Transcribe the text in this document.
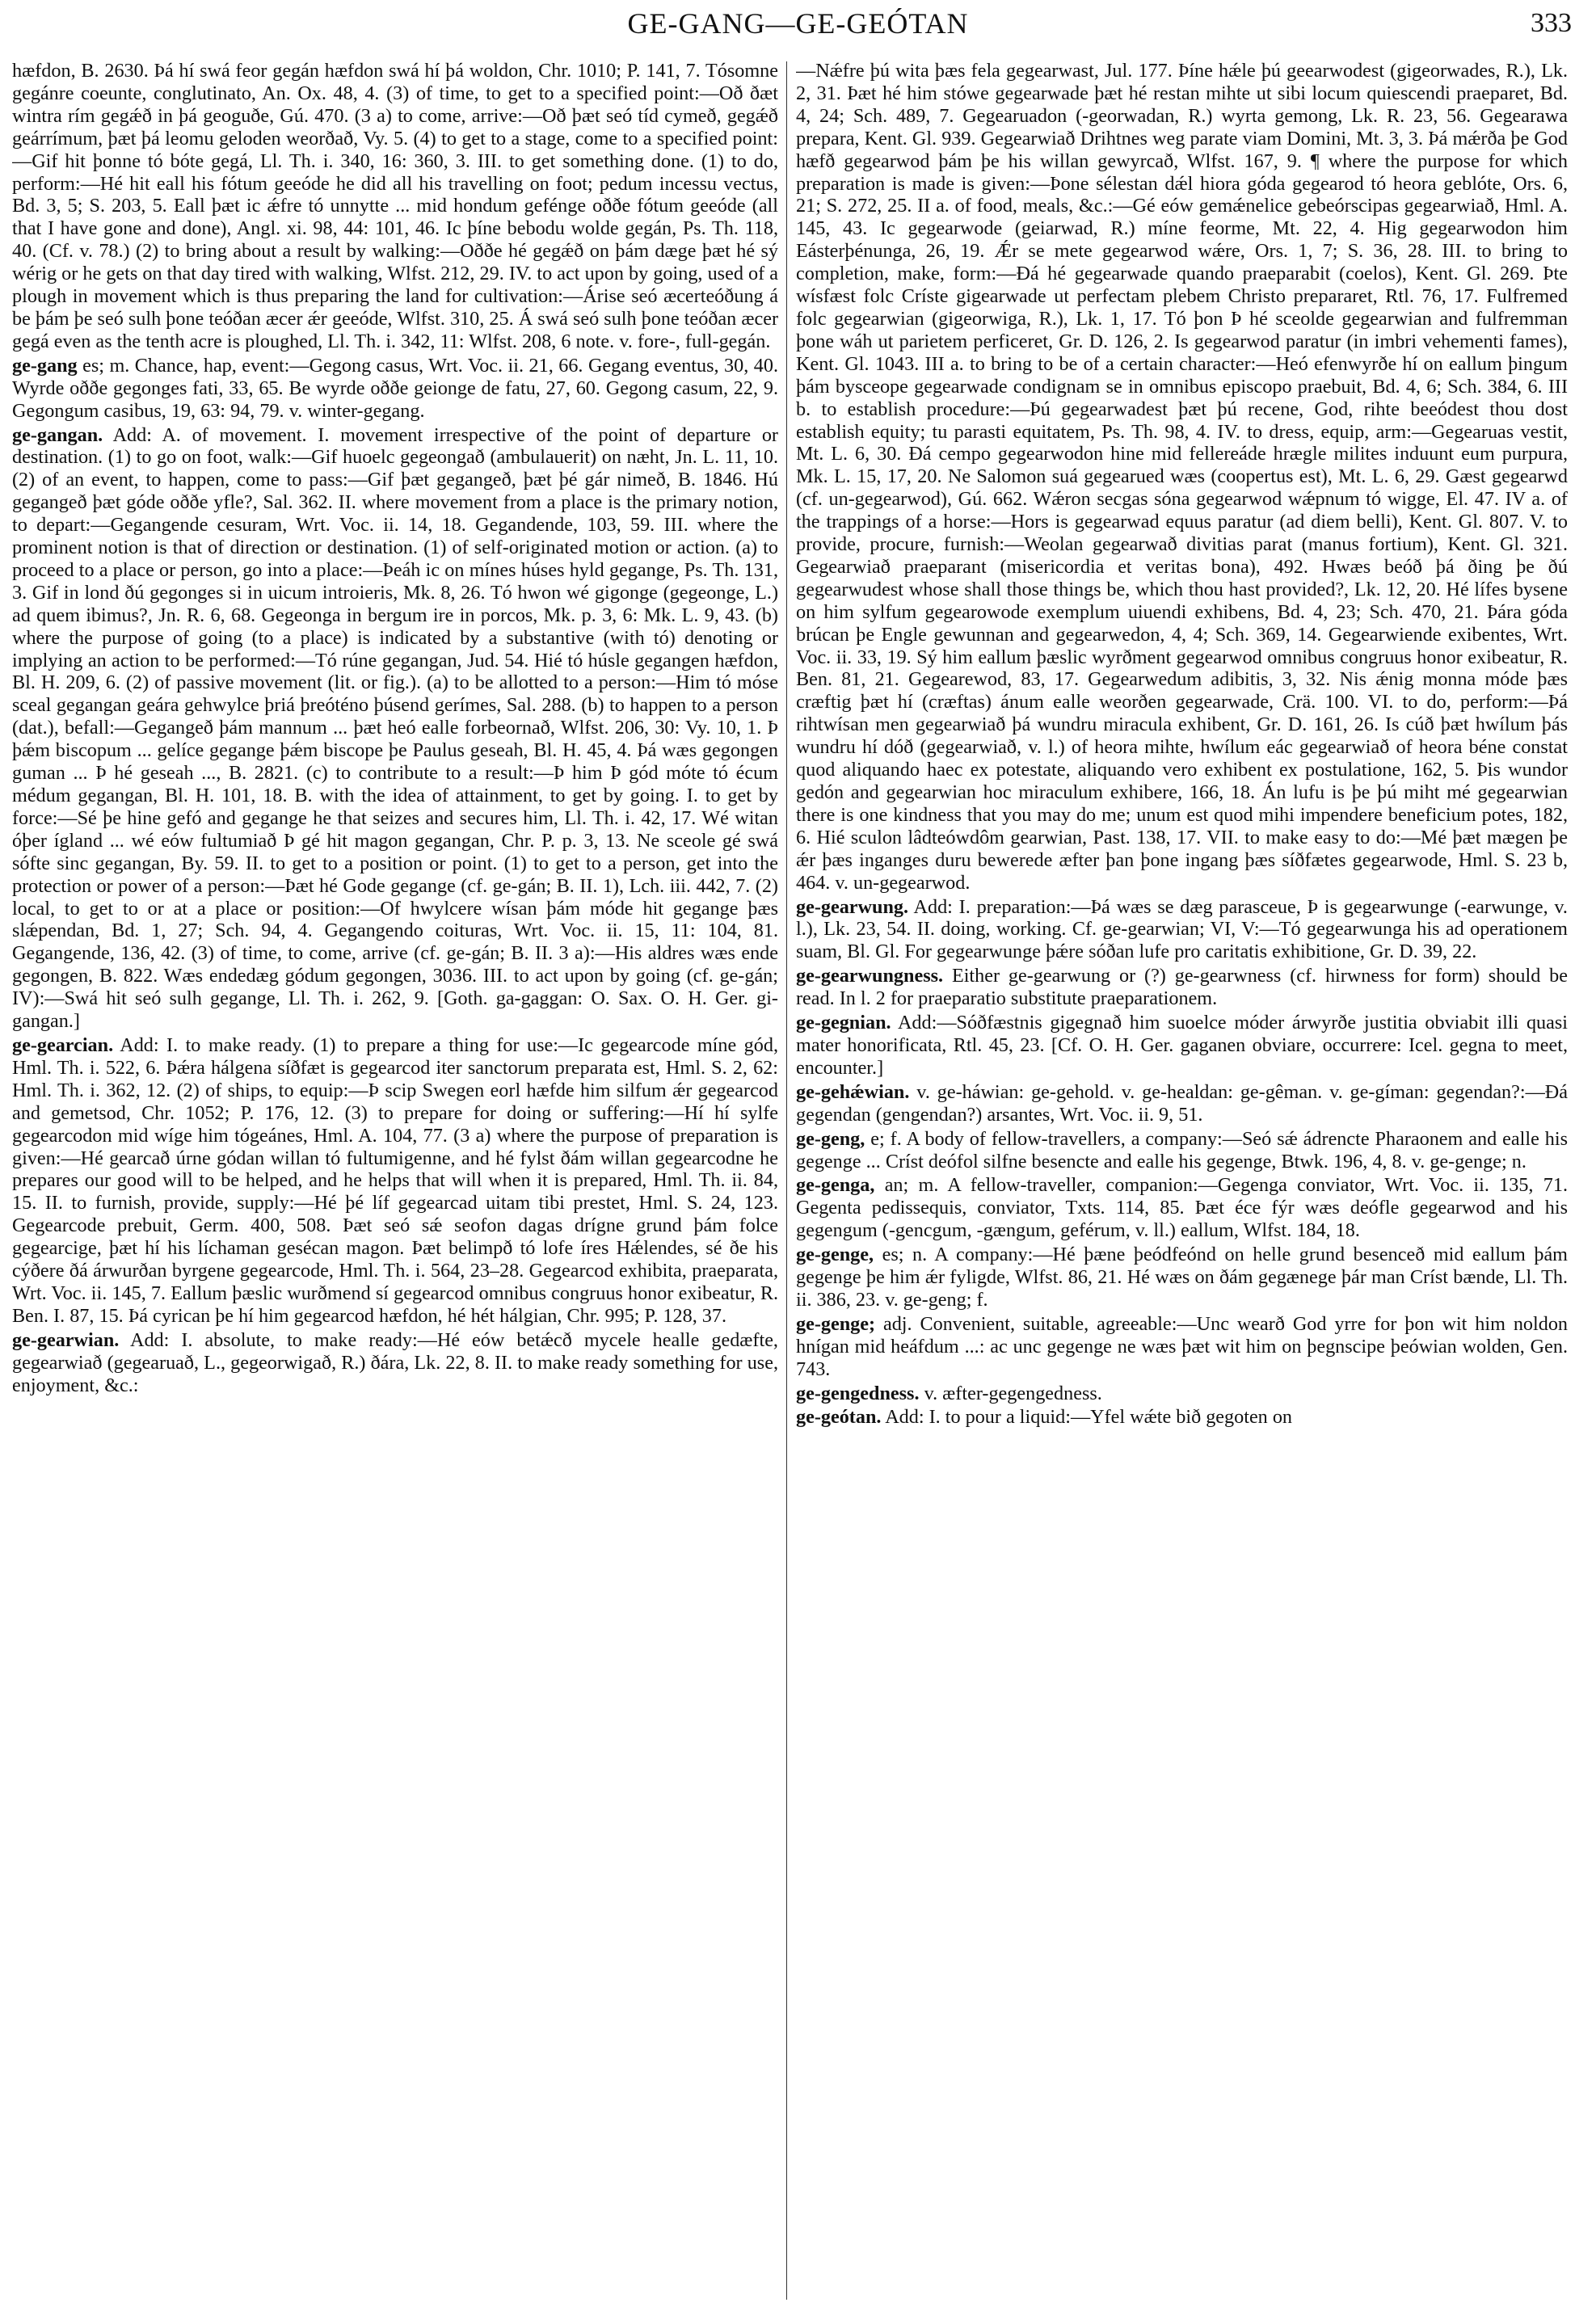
GE-GANG—GE-GEÓTAN	333

hæfdon, B. 2630. Þá hí swá feor gegán hæfdon swá hí þá woldon, Chr. 1010; P. 141, 7. Tósomne gegánre coeunte, conglutinato, An. Ox. 48, 4. (3) of time, to get to a specified point:—Oð ðæt wintra rím gegǽð in þá geoguðe, Gú. 470. (3 a) to come, arrive:—Oð þæt seó tíd cymeð, gegǽð geárrímum, þæt þá leomu geloden weorðað, Vy. 5. (4) to get to a stage, come to a specified point:—Gif hit þonne tó bóte gegá, Ll. Th. i. 340, 16: 360, 3. III. to get something done. (1) to do, perform:—Hé hit eall his fótum geeóde he did all his travelling on foot; pedum incessu vectus, Bd. 3, 5; S. 203, 5. Eall þæt ic ǽfre tó unnytte ... mid hondum gefénge oððe fótum geeóde (all that I have gone and done), Angl. xi. 98, 44: 101, 46. Ic þíne bebodu wolde gegán, Ps. Th. 118, 40. (Cf. v. 78.) (2) to bring about a result by walking:—Oððe hé gegǽð on þám dæge þæt hé sý wérig or he gets on that day tired with walking, Wlfst. 212, 29. IV. to act upon by going, used of a plough in movement which is thus preparing the land for cultivation:—Árise seó æcerteóðung á be þám þe seó sulh þone teóðan æcer ǽr geeóde, Wlfst. 310, 25. Á swá seó sulh þone teóðan æcer gegá even as the tenth acre is ploughed, Ll. Th. i. 342, 11: Wlfst. 208, 6 note. v. fore-, full-gegán.

ge-gang es; m. Chance, hap, event:—Gegong casus, Wrt. Voc. ii. 21, 66. Gegang eventus, 30, 40. Wyrde oððe gegonges fati, 33, 65. Be wyrde oððe geionge de fatu, 27, 60. Gegong casum, 22, 9. Gegongum casibus, 19, 63: 94, 79. v. winter-gegang.

ge-gangan. Add: A. of movement. I. movement irrespective of the point of departure or destination. (1) to go on foot, walk:—Gif huoelc gegeongað (ambulauerit) on næht, Jn. L. 11, 10. (2) of an event, to happen, come to pass:—Gif þæt gegangeð, þæt þé gár nimeð, B. 1846. Hú gegangeð þæt góde oððe yfle?, Sal. 362. II. where movement from a place is the primary notion, to depart:—Gegangende cesuram, Wrt. Voc. ii. 14, 18. Gegandende, 103, 59. III. where the prominent notion is that of direction or destination. (1) of self-originated motion or action. (a) to proceed to a place or person, go into a place:—Þeáh ic on mínes húses hyld gegange, Ps. Th. 131, 3. Gif in lond ðú gegonges si in uicum introieris, Mk. 8, 26. Tó hwon wé gigonge (gegeonge, L.) ad quem ibimus?, Jn. R. 6, 68. Gegeonga in bergum ire in porcos, Mk. p. 3, 6: Mk. L. 9, 43. (b) where the purpose of going (to a place) is indicated by a substantive (with tó) denoting or implying an action to be performed:—Tó rúne gegangan, Jud. 54. Hié tó húsle gegangen hæfdon, Bl. H. 209, 6. (2) of passive movement (lit. or fig.). (a) to be allotted to a person:—Him tó móse sceal gegangan geára gehwylce þriá þreóténo þúsend gerímes, Sal. 288. (b) to happen to a person (dat.), befall:—Gegangeð þám mannum ... þæt heó ealle forbeornað, Wlfst. 206, 30: Vy. 10, 1. Þ þǽm biscopum ... gelíce gegange þǽm biscope þe Paulus geseah, Bl. H. 45, 4. Þá wæs gegongen guman ... Þ hé geseah ..., B. 2821. (c) to contribute to a result:—Þ him Þ gód móte tó écum médum gegangan, Bl. H. 101, 18. B. with the idea of attainment, to get by going. I. to get by force:—Sé þe hine gefó and gegange he that seizes and secures him, Ll. Th. i. 42, 17. Wé witan óþer ígland ... wé eów fultumiað Þ gé hit magon gegangan, Chr. P. p. 3, 13. Ne sceole gé swá sófte sinc gegangan, By. 59. II. to get to a position or point. (1) to get to a person, get into the protection or power of a person:—Þæt hé Gode gegange (cf. ge-gán; B. II. 1), Lch. iii. 442, 7. (2) local, to get to or at a place or position:—Of hwylcere wísan þám móde hit gegange þæs slǽpendan, Bd. 1, 27; Sch. 94, 4. Gegangendo coituras, Wrt. Voc. ii. 15, 11: 104, 81. Gegangende, 136, 42. (3) of time, to come, arrive (cf. ge-gán; B. II. 3 a):—His aldres wæs ende gegongen, B. 822. Wæs endedæg gódum gegongen, 3036. III. to act upon by going (cf. ge-gán; IV):—Swá hit seó sulh gegange, Ll. Th. i. 262, 9. [Goth. ga-gaggan: O. Sax. O. H. Ger. gi-gangan.]

ge-gearcian. Add: I. to make ready. (1) to prepare a thing for use:—Ic gegearcode míne gód, Hml. Th. i. 522, 6. Þǽra hálgena síðfæt is gegearcod iter sanctorum preparata est, Hml. S. 2, 62: Hml. Th. i. 362, 12. (2) of ships, to equip:—Þ scip Swegen eorl hæfde him silfum ǽr gegearcod and gemetsod, Chr. 1052; P. 176, 12. (3) to prepare for doing or suffering:—Hí hí sylfe gegearcodon mid wíge him tógeánes, Hml. A. 104, 77. (3 a) where the purpose of preparation is given:—Hé gearcað úrne gódan willan tó fultumigenne, and hé fylst ðám willan gegearcodne he prepares our good will to be helped, and he helps that will when it is prepared, Hml. Th. ii. 84, 15. II. to furnish, provide, supply:—Hé þé líf gegearcad uitam tibi prestet, Hml. S. 24, 123. Gegearcode prebuit, Germ. 400, 508. Þæt seó sǽ seofon dagas drígne grund þám folce gegearcige, þæt hí his líchaman gesécan magon. Þæt belimpð tó lofe íres Hǽlendes, sé ðe his cýðere ðá árwurðan byrgene gegearcode, Hml. Th. i. 564, 23–28. Gegearcod exhibita, praeparata, Wrt. Voc. ii. 145, 7. Eallum þæslic wurðmend sí gegearcod omnibus congruus honor exibeatur, R. Ben. I. 87, 15. Þá cyrican þe hí him gegearcod hæfdon, hé hét hálgian, Chr. 995; P. 128, 37.

ge-gearwian. Add: I. absolute, to make ready:—Hé eów betǽcð mycele healle gedæfte, gegearwiað (gegearuað, L., gegeorwigað, R.) ðára, Lk. 22, 8. II. to make ready something for use, enjoyment, &c.:

—Nǽfre þú wita þæs fela gegearwast, Jul. 177. Þíne hǽle þú geearwodest (gigeorwades, R.), Lk. 2, 31. Þæt hé him stówe gegearwade þæt hé restan mihte ut sibi locum quiescendi praeparet, Bd. 4, 24; Sch. 489, 7. Gegearuadon (-georwadan, R.) wyrta gemong, Lk. R. 23, 56. Gegearawa prepara, Kent. Gl. 939. Gegearwiað Drihtnes weg parate viam Domini, Mt. 3, 3. Þá mǽrða þe God hæfð gegearwod þám þe his willan gewyrcað, Wlfst. 167, 9. ¶ where the purpose for which preparation is made is given:—Þone sélestan dǽl hiora góda gegearod tó heora geblóte, Ors. 6, 21; S. 272, 25. II a. of food, meals, &c.:—Gé eów gemǽnelice gebeórscipas gegearwiað, Hml. A. 145, 43. Ic gegearwode (geiarwad, R.) míne feorme, Mt. 22, 4. Hig gegearwodon him Eásterþénunga, 26, 19. Ǽr se mete gegearwod wǽre, Ors. 1, 7; S. 36, 28. III. to bring to completion, make, form:—Ðá hé gegearwade quando praeparabit (coelos), Kent. Gl. 269. Þte wísfæst folc Críste gigearwade ut perfectam plebem Christo prepararet, Rtl. 76, 17. Fulfremed folc gegearwian (gigeorwiga, R.), Lk. 1, 17. Tó þon Þ hé sceolde gegearwian and fulfremman þone wáh ut parietem perficeret, Gr. D. 126, 2. Is gegearwod paratur (in imbri vehementi fames), Kent. Gl. 1043. III a. to bring to be of a certain character:—Heó efenwyrðe hí on eallum þingum þám bysceope gegearwade condignam se in omnibus episcopo praebuit, Bd. 4, 6; Sch. 384, 6. III b. to establish procedure:—Þú gegearwadest þæt þú recene, God, rihte beeódest thou dost establish equity; tu parasti equitatem, Ps. Th. 98, 4. IV. to dress, equip, arm:—Gegearuas vestit, Mt. L. 6, 30. Ðá cempo gegearwodon hine mid fellereáde hrægle milites induunt eum purpura, Mk. L. 15, 17, 20. Ne Salomon suá gegearued wæs (coopertus est), Mt. L. 6, 29. Gæst gegearwd (cf. un-gegearwod), Gú. 662. Wǽron secgas sóna gegearwod wǽpnum tó wigge, El. 47. IV a. of the trappings of a horse:—Hors is gegearwad equus paratur (ad diem belli), Kent. Gl. 807. V. to provide, procure, furnish:—Weolan gegearwað divitias parat (manus fortium), Kent. Gl. 321. Gegearwiað praeparant (misericordia et veritas bona), 492. Hwæs beóð þá ðing þe ðú gegearwudest whose shall those things be, which thou hast provided?, Lk. 12, 20. Hé lífes bysene on him sylfum gegearowode exemplum uiuendi exhibens, Bd. 4, 23; Sch. 470, 21. Þára góda brúcan þe Engle gewunnan and gegearwedon, 4, 4; Sch. 369, 14. Gegearwiende exibentes, Wrt. Voc. ii. 33, 19. Sý him eallum þæslic wyrðment gegearwod omnibus congruus honor exibeatur, R. Ben. 81, 21. Gegearewod, 83, 17. Gegearwedum adibitis, 3, 32. Nis ǽnig monna móde þæs cræftig þæt hí (cræftas) ánum ealle weorðen gegearwade, Crä. 100. VI. to do, perform:—Þá rihtwísan men gegearwiað þá wundru miracula exhibent, Gr. D. 161, 26. Is cúð þæt hwílum þás wundru hí dóð (gegearwiað, v. l.) of heora mihte, hwílum eác gegearwiað of heora béne constat quod aliquando haec ex potestate, aliquando vero exhibent ex postulatione, 162, 5. Þis wundor gedón and gegearwian hoc miraculum exhibere, 166, 18. Án lufu is þe þú miht mé gegearwian there is one kindness that you may do me; unum est quod mihi impendere beneficium potes, 182, 6. Hié sculon lâdteówdôm gearwian, Past. 138, 17. VII. to make easy to do:—Mé þæt mægen þe ǽr þæs inganges duru bewerede æfter þan þone ingang þæs síðfætes gegearwode, Hml. S. 23 b, 464. v. un-gegearwod.

ge-gearwung. Add: I. preparation:—Þá wæs se dæg parasceue, Þ is gegearwunge (-earwunge, v. l.), Lk. 23, 54. II. doing, working. Cf. ge-gearwian; VI, V:—Tó gegearwunga his ad operationem suam, Bl. Gl. For gegearwunge þǽre sóðan lufe pro caritatis exhibitione, Gr. D. 39, 22.

ge-gearwungness. Either ge-gearwung or (?) ge-gearwness (cf. hirwness for form) should be read. In l. 2 for praeparatio substitute praeparationem.

ge-gegnian. Add:—Sóðfæstnis gigegnað him suoelce móder árwyrðe justitia obviabit illi quasi mater honorificata, Rtl. 45, 23. [Cf. O. H. Ger. gaganen obviare, occurrere: Icel. gegna to meet, encounter.]

ge-gehǽwian. v. ge-háwian: ge-gehold. v. ge-healdan: ge-gêman. v. ge-gíman: gegendan?:—Ðá gegendan (gengendan?) arsantes, Wrt. Voc. ii. 9, 51.

ge-geng, e; f. A body of fellow-travellers, a company:—Seó sǽ ádrencte Pharaonem and ealle his gegenge ... Críst deófol silfne besencte and ealle his gegenge, Btwk. 196, 4, 8. v. ge-genge; n.

ge-genga, an; m. A fellow-traveller, companion:—Gegenga conviator, Wrt. Voc. ii. 135, 71. Gegenta pedissequis, conviator, Txts. 114, 85. Þæt éce fýr wæs deófle gegearwod and his gegengum (-gencgum, -gængum, geférum, v. ll.) eallum, Wlfst. 184, 18.

ge-genge, es; n. A company:—Hé þæne þeódfeónd on helle grund besenceð mid eallum þám gegenge þe him ǽr fyligde, Wlfst. 86, 21. Hé wæs on ðám gegænege þár man Críst bænde, Ll. Th. ii. 386, 23. v. ge-geng; f.

ge-genge; adj. Convenient, suitable, agreeable:—Unc wearð God yrre for þon wit him noldon hnígan mid heáfdum ...: ac unc gegenge ne wæs þæt wit him on þegnscipe þeówian wolden, Gen. 743.

ge-gengedness. v. æfter-gegengedness.

ge-geótan. Add: I. to pour a liquid:—Yfel wǽte bið gegoten on
